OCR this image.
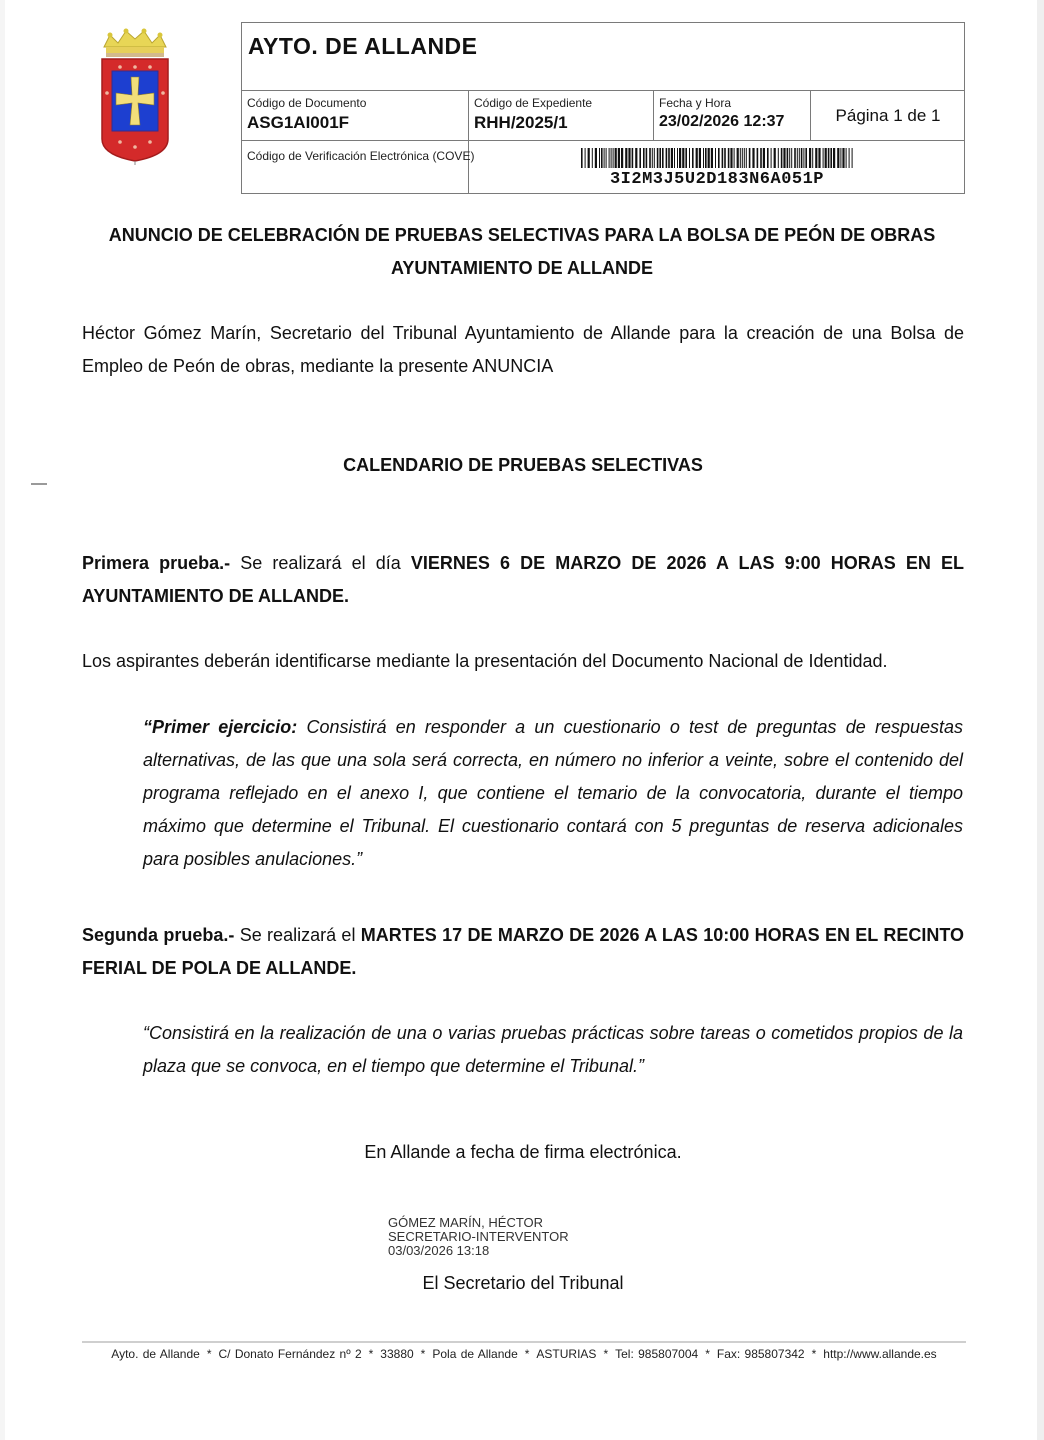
AYTO. DE ALLANDE
Código de Documento
ASG1AI001F
Código de Expediente
RHH/2025/1
Fecha y Hora
23/02/2026 12:37	Página 1 de 1
Código de Verificación Electrónica (COVE)
3I2M3J5U2D183N6A051P
ANUNCIO DE CELEBRACIÓN DE PRUEBAS SELECTIVAS PARA LA BOLSA DE PEÓN DE OBRAS
AYUNTAMIENTO DE ALLANDE
Héctor Gómez Marín, Secretario del Tribunal Ayuntamiento de Allande para la creación de una Bolsa de Empleo de Peón de obras, mediante la presente ANUNCIA
CALENDARIO DE PRUEBAS SELECTIVAS
Primera prueba.- Se realizará el día VIERNES 6 DE MARZO DE 2026 A LAS 9:00 HORAS EN EL AYUNTAMIENTO DE ALLANDE.
Los aspirantes deberán identificarse mediante la presentación del Documento Nacional de Identidad.
“Primer ejercicio: Consistirá en responder a un cuestionario o test de preguntas de respuestas alternativas, de las que una sola será correcta, en número no inferior a veinte, sobre el contenido del programa reflejado en el anexo I, que contiene el temario de la convocatoria, durante el tiempo máximo que determine el Tribunal. El cuestionario contará con 5 preguntas de reserva adicionales para posibles anulaciones.”
Segunda prueba.- Se realizará el MARTES 17 DE MARZO DE 2026 A LAS 10:00 HORAS EN EL RECINTO FERIAL DE POLA DE ALLANDE.
“Consistirá en la realización de una o varias pruebas prácticas sobre tareas o cometidos propios de la plaza que se convoca, en el tiempo que determine el Tribunal.”
En Allande a fecha de firma electrónica.
GÓMEZ MARÍN, HÉCTOR
SECRETARIO-INTERVENTOR
03/03/2026 13:18
El Secretario del Tribunal
Ayto. de Allande * C/ Donato Fernández nº 2 * 33880 * Pola de Allande * ASTURIAS * Tel: 985807004 * Fax: 985807342 * http://www.allande.es
